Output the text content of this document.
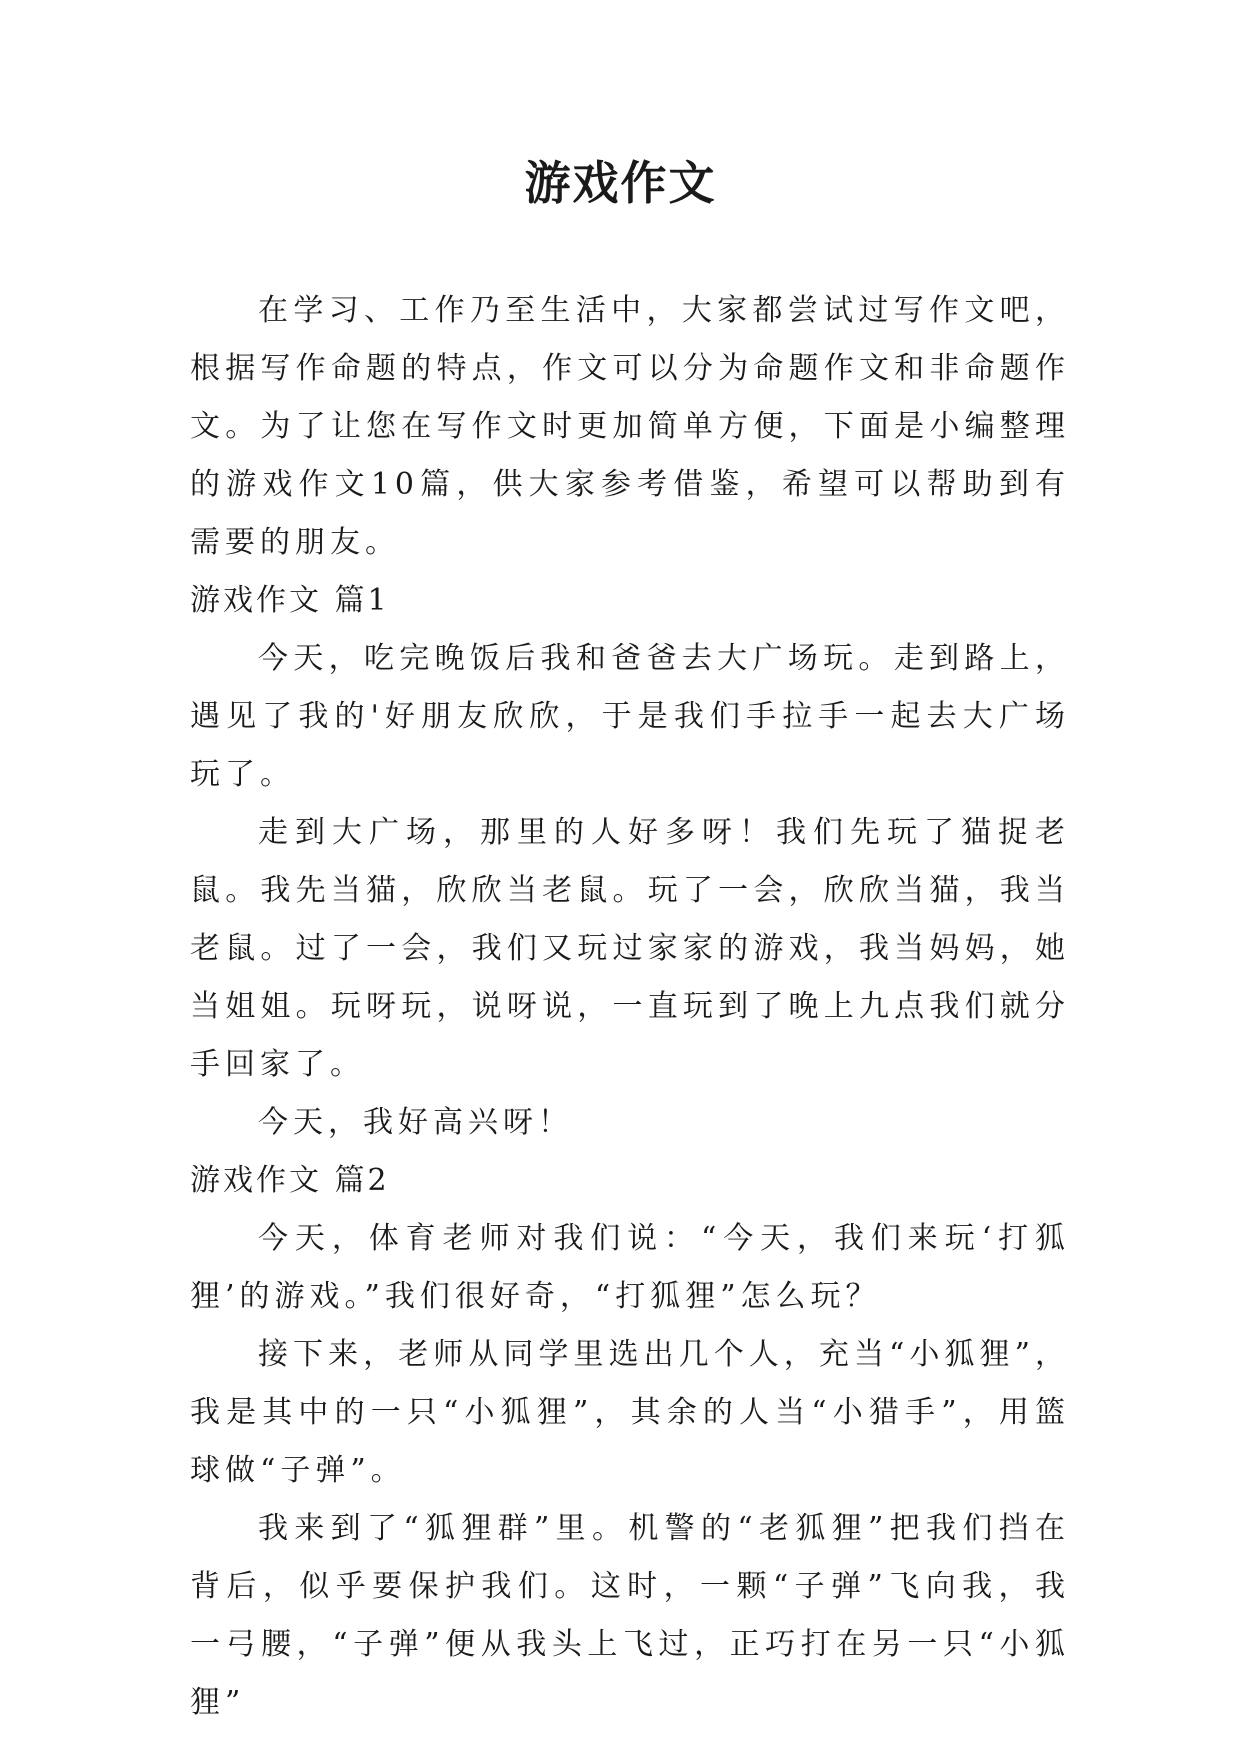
游戏作文

在学习、工作乃至生活中，大家都尝试过写作文吧，根据写作命题的特点，作文可以分为命题作文和非命题作文。为了让您在写作文时更加简单方便，下面是小编整理的游戏作文10篇，供大家参考借鉴，希望可以帮助到有需要的朋友。

游戏作文 篇1

今天，吃完晚饭后我和爸爸去大广场玩。走到路上，遇见了我的'好朋友欣欣，于是我们手拉手一起去大广场玩了。

走到大广场，那里的人好多呀！我们先玩了猫捉老鼠。我先当猫，欣欣当老鼠。玩了一会，欣欣当猫，我当老鼠。过了一会，我们又玩过家家的游戏，我当妈妈，她当姐姐。玩呀玩，说呀说，一直玩到了晚上九点我们就分手回家了。

今天，我好高兴呀！

游戏作文 篇2

今天，体育老师对我们说：“今天，我们来玩‘打狐狸’的游戏。”我们很好奇，“打狐狸”怎么玩？

接下来，老师从同学里选出几个人，充当“小狐狸”，我是其中的一只“小狐狸”，其余的人当“小猎手”，用篮球做“子弹”。

我来到了“狐狸群”里。机警的“老狐狸”把我们挡在背后，似乎要保护我们。这时，一颗“子弹”飞向我，我一弓腰，“子弹”便从我头上飞过，正巧打在另一只“小狐狸”
